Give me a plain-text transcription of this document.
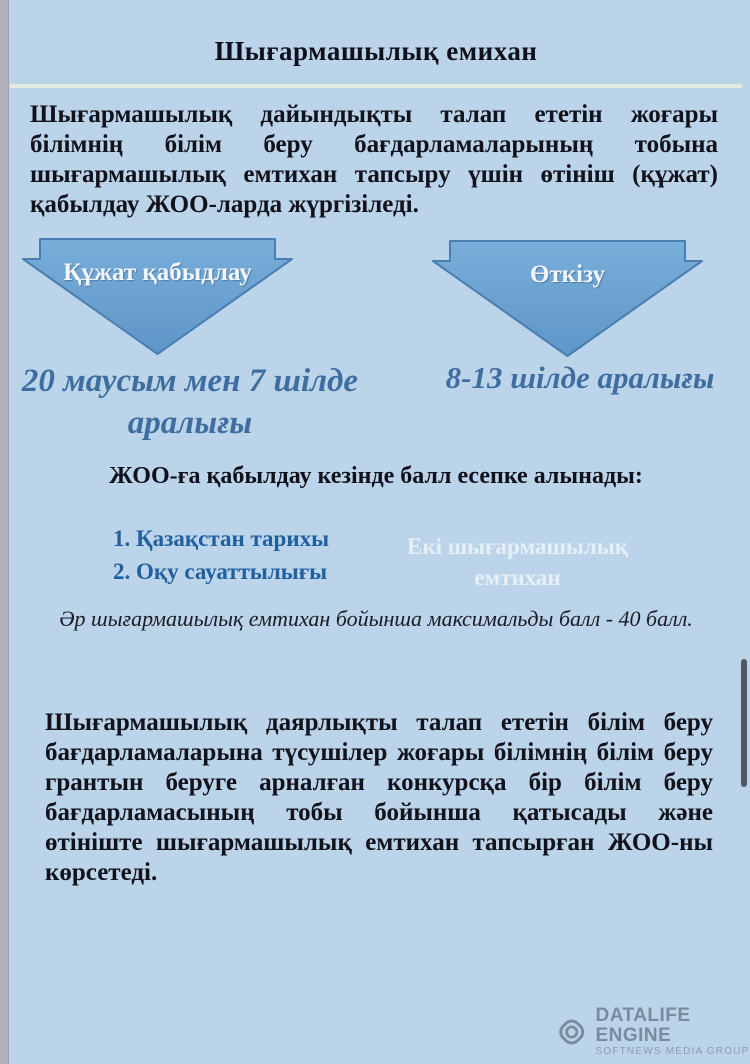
Шығармашылық емихан
Шығармашылық дайындықты талап ететін жоғары білімнің білім беру бағдарламаларының тобына шығармашылық емтихан тапсыру үшін өтініш (құжат) қабылдау ЖОО-ларда жүргізіледі.
Құжат қабыдлау	Өткізу
20 маусым мен 7 шілде аралығы
8-13 шілде аралығы
ЖОО-ға қабылдау кезінде балл есепке алынады:
1. Қазақстан тарихы
2. Оқу сауаттылығы
Екі шығармашылық емтихан
Әр шығармашылық емтихан бойынша максимальды балл - 40 балл.
Шығармашылық даярлықты талап ететін білім беру бағдарламаларына түсушілер жоғары білімнің білім беру грантын беруге арналған конкурсқа бір білім беру бағдарламасының тобы бойынша қатысады және өтініште шығармашылық емтихан тапсырған ЖОО-ны көрсетеді.
DATALIFE ENGINE
SOFTNEWS MEDIA GROUP
